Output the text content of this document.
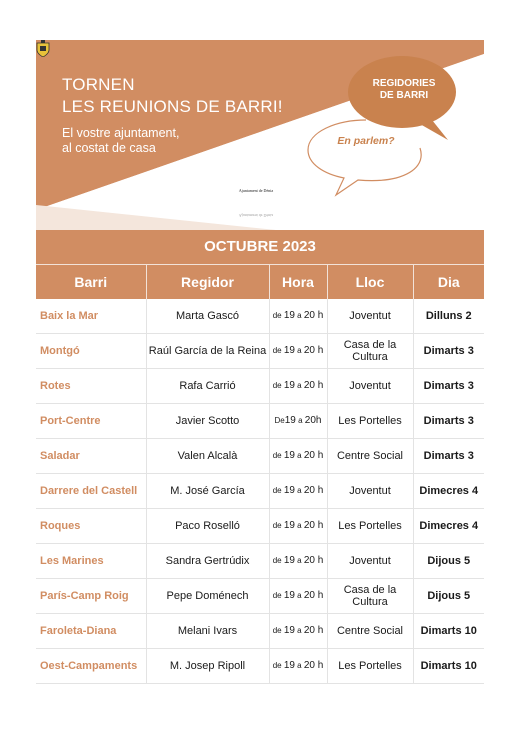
TORNEN
LES REUNIONS DE BARRI!
El vostre ajuntament,
al costat de casa
REGIDORIES
DE BARRI
En parlem?
Ajuntament de Dénia
Ajuntament de Dénia
OCTUBRE 2023
Barri	Regidor	Hora	Lloc	Dia
Baix la Mar	Marta Gascó	de 19 a 20 h	Joventut	Dilluns 2
Montgó	Raúl García de la Reina	de 19 a 20 h	Casa de la Cultura	Dimarts 3
Rotes	Rafa Carrió	de 19 a 20 h	Joventut	Dimarts 3
Port-Centre	Javier Scotto	De19 a 20h	Les Portelles	Dimarts 3
Saladar	Valen Alcalà	de 19 a 20 h	Centre Social	Dimarts 3
Darrere del Castell	M. José García	de 19 a 20 h	Joventut	Dimecres 4
Roques	Paco Roselló	de 19 a 20 h	Les Portelles	Dimecres 4
Les Marines	Sandra Gertrúdix	de 19 a 20 h	Joventut	Dijous 5
París-Camp Roig	Pepe Doménech	de 19 a 20 h	Casa de la Cultura	Dijous 5
Faroleta-Diana	Melani Ivars	de 19 a 20 h	Centre Social	Dimarts 10
Oest-Campaments	M. Josep Ripoll	de 19 a 20 h	Les Portelles	Dimarts 10
